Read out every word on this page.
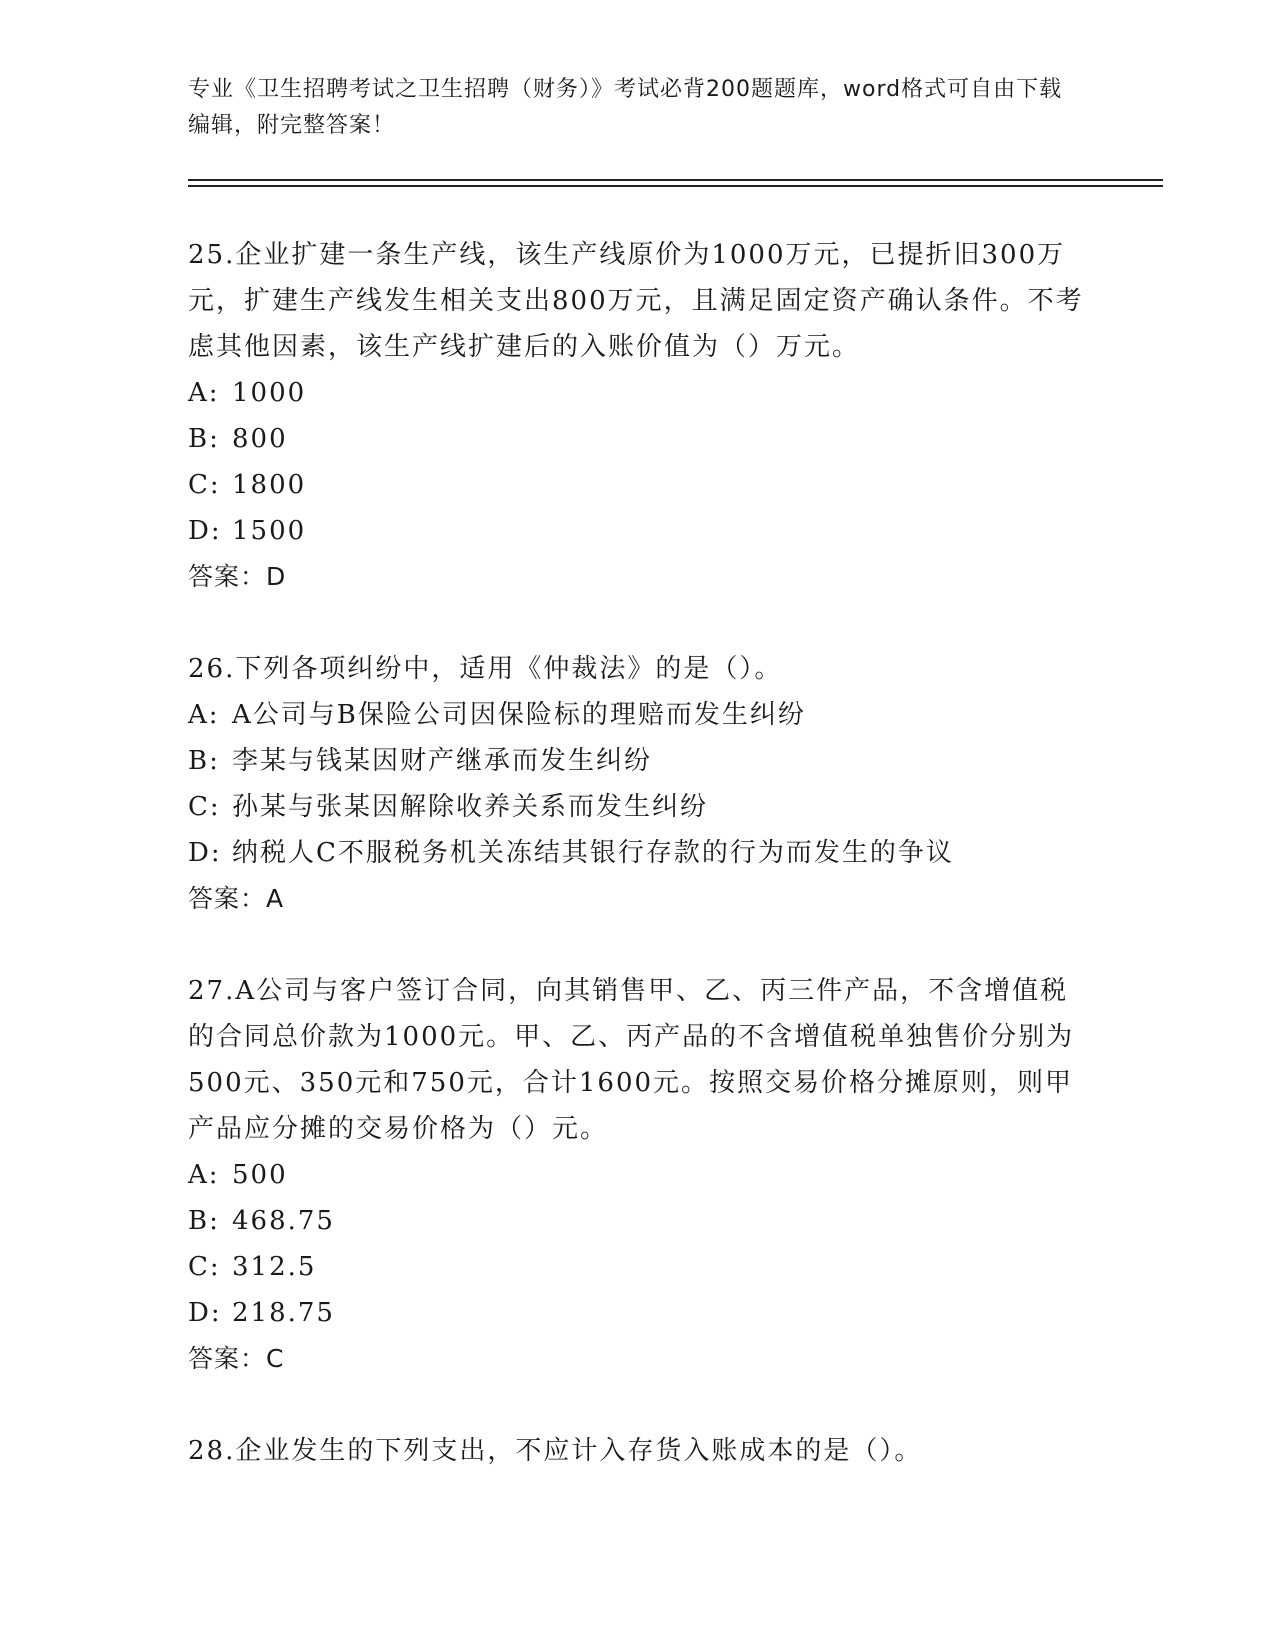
专业《卫生招聘考试之卫生招聘（财务）》考试必背200题题库，word格式可自由下载编辑，附完整答案！

25.企业扩建一条生产线，该生产线原价为1000万元，已提折旧300万元，扩建生产线发生相关支出800万元，且满足固定资产确认条件。不考虑其他因素，该生产线扩建后的入账价值为（）万元。

A: 1000

B: 800

C: 1800

D: 1500

答案：D

26.下列各项纠纷中，适用《仲裁法》的是（）。

A: A公司与B保险公司因保险标的理赔而发生纠纷

B: 李某与钱某因财产继承而发生纠纷

C: 孙某与张某因解除收养关系而发生纠纷

D: 纳税人C不服税务机关冻结其银行存款的行为而发生的争议

答案：A

27.A公司与客户签订合同，向其销售甲、乙、丙三件产品，不含增值税的合同总价款为1000元。甲、乙、丙产品的不含增值税单独售价分别为500元、350元和750元，合计1600元。按照交易价格分摊原则，则甲产品应分摊的交易价格为（）元。

A: 500

B: 468.75

C: 312.5

D: 218.75

答案：C

28.企业发生的下列支出，不应计入存货入账成本的是（）。
